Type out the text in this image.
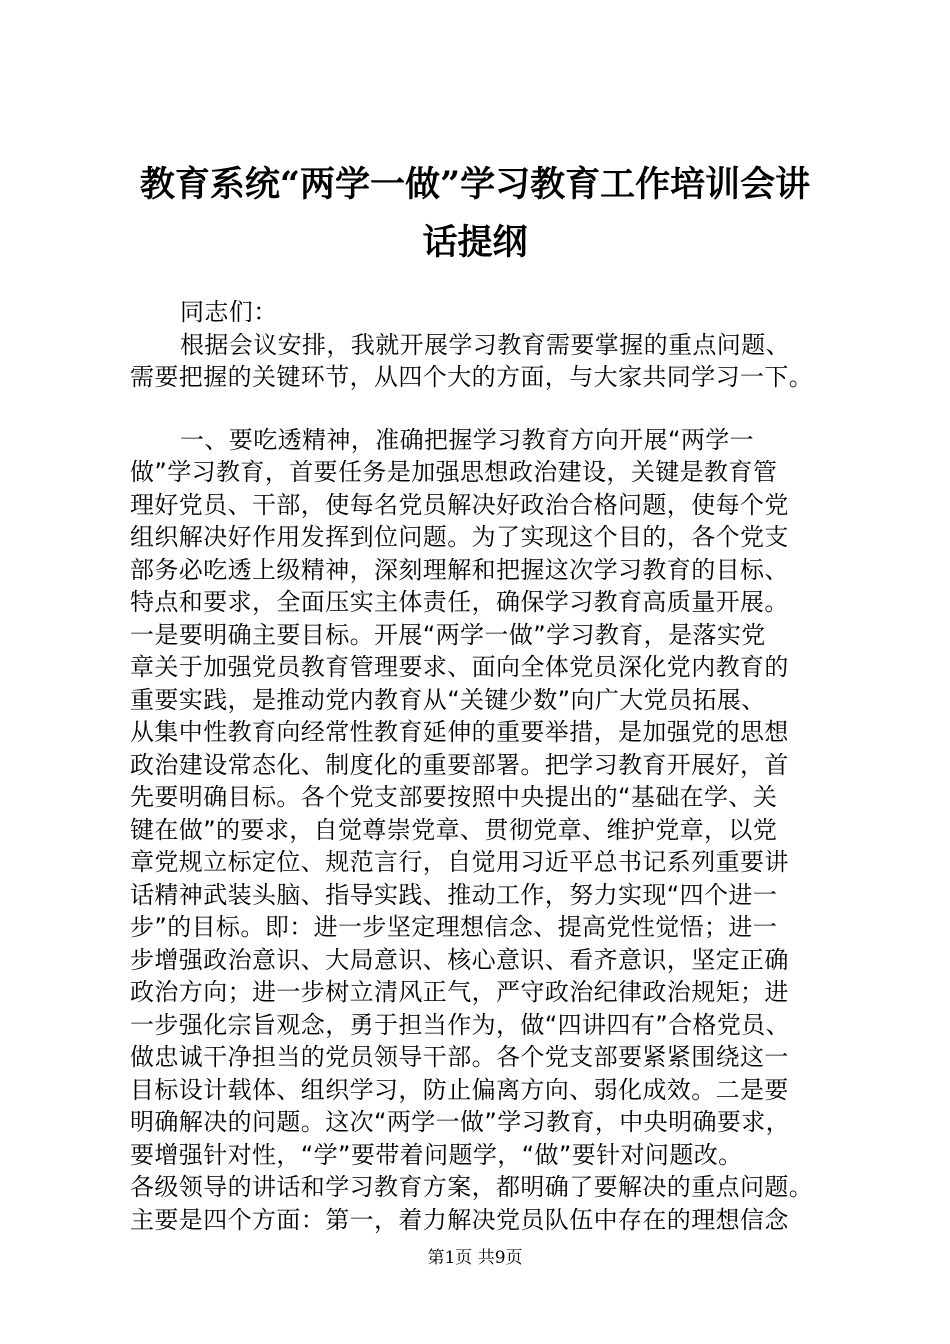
教育系统“两学一做”学习教育工作培训会讲
话提纲
同志们：
根据会议安排，我就开展学习教育需要掌握的重点问题、
需要把握的关键环节，从四个大的方面，与大家共同学习一下。
一、要吃透精神，准确把握学习教育方向开展“两学一
做”学习教育，首要任务是加强思想政治建设，关键是教育管
理好党员、干部，使每名党员解决好政治合格问题，使每个党
组织解决好作用发挥到位问题。为了实现这个目的，各个党支
部务必吃透上级精神，深刻理解和把握这次学习教育的目标、
特点和要求，全面压实主体责任，确保学习教育高质量开展。
一是要明确主要目标。开展“两学一做”学习教育，是落实党
章关于加强党员教育管理要求、面向全体党员深化党内教育的
重要实践，是推动党内教育从“关键少数”向广大党员拓展、
从集中性教育向经常性教育延伸的重要举措，是加强党的思想
政治建设常态化、制度化的重要部署。把学习教育开展好，首
先要明确目标。各个党支部要按照中央提出的“基础在学、关
键在做”的要求，自觉尊崇党章、贯彻党章、维护党章，以党
章党规立标定位、规范言行，自觉用习近平总书记系列重要讲
话精神武装头脑、指导实践、推动工作，努力实现“四个进一
步”的目标。即：进一步坚定理想信念、提高党性觉悟；进一
步增强政治意识、大局意识、核心意识、看齐意识，坚定正确
政治方向；进一步树立清风正气，严守政治纪律政治规矩；进
一步强化宗旨观念，勇于担当作为，做“四讲四有”合格党员、
做忠诚干净担当的党员领导干部。各个党支部要紧紧围绕这一
目标设计载体、组织学习，防止偏离方向、弱化成效。二是要
明确解决的问题。这次“两学一做”学习教育，中央明确要求，
要增强针对性，“学”要带着问题学，“做”要针对问题改。
各级领导的讲话和学习教育方案，都明确了要解决的重点问题。
主要是四个方面：第一，着力解决党员队伍中存在的理想信念
第1页 共9页
